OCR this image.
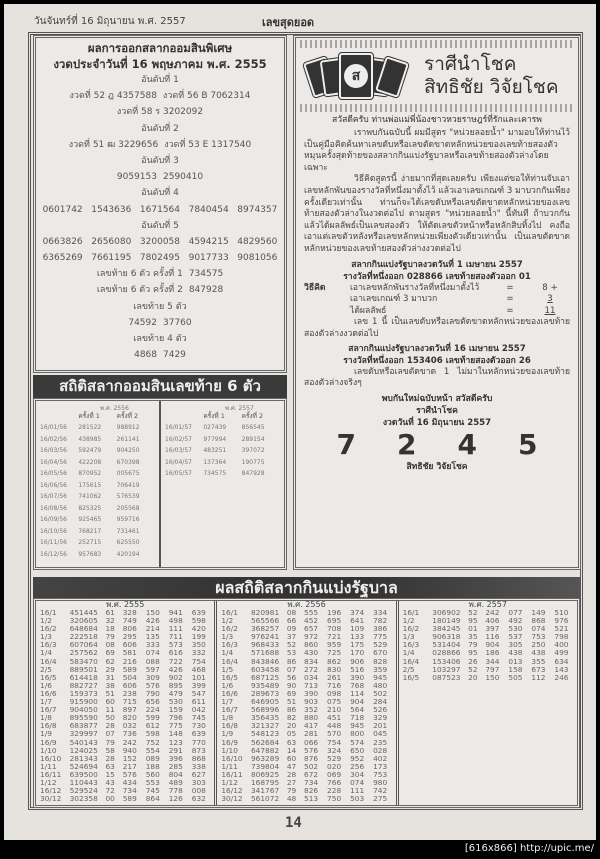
วันจันทร์ที่ 16 มิถุนายน พ.ศ. 2557	เลขสุดยอด
ผลการออกสลากออมสินพิเศษ
งวดประจำวันที่ 16 พฤษภาคม พ.ศ. 2555
อันดับที่ 1
งวดที่ 52 ฎ 4357588 งวดที่ 56 B 7062314
งวดที่ 58 ร 3202092
อันดับที่ 2
งวดที่ 51 ฒ 3229656 งวดที่ 53 E 1317540
อันดับที่ 3
9059153 2590410
อันดับที่ 4
0601742 1543636 1671564 7840454 8974357
อันดับที่ 5
0663826 2656080 3200058 4594215 4829560
6365269 7661195 7802495 9017733 9081056
เลขท้าย 6 ตัว ครั้งที่ 1 734575
เลขท้าย 6 ตัว ครั้งที่ 2 847928
เลขท้าย 5 ตัว
74592 37760
เลขท้าย 4 ตัว
4868 7429
สถิติสลากออมสินเลขท้าย 6 ตัว
พ.ศ. 2556
ครั้งที่ 1	ครั้งที่ 2
16/01/56	281522	988912
16/02/56	438985	261141
16/03/56	592479	904250
16/04/56	422208	670398
16/05/56	870952	005675
16/06/56	175615	706419
16/07/56	741062	576539
16/08/56	825325	205568
16/09/56	925465	959716
16/10/56	768217	731461
16/11/56	252715	625550
16/12/56	957683	420194
พ.ศ. 2557
ครั้งที่ 1	ครั้งที่ 2
16/01/57	027439	856545
16/02/57	977994	289154
16/03/57	483251	397072
16/04/57	137364	190775
16/05/57	734575	847928
ส
ราศีนำโชค
สิทธิชัย วิจัยโชค
สวัสดีครับ ท่านพ่อแม่พี่น้องชาวหวยราษฎร์ที่รักและเคารพ
เราพบกันฉบับนี้ ผมมีสูตร "หน่วยลอยน้ำ" มามอบให้ท่านไว้เป็นคู่มือคิดค้นหาเลขดับหรือเลขตัดขาดหลักหน่วยของเลขท้ายสองตัวหมุนครั้งสุดท้ายของสลากกินแบ่งรัฐบาลหรือเลขท้ายสองตัวล่างโดยเฉพาะ
วิธีคิดสูตรนี้ ง่ายมากที่สุดเลยครับ เพียงแต่ขอให้ท่านจับเอาเลขหลักพันของรางวัลที่หนึ่งมาตั้งไว้ แล้วเอาเลขเกณฑ์ 3 มาบวกกันเพียงครั้งเดียวเท่านั้น ท่านก็จะได้เลขดับหรือเลขตัดขาดหลักหน่วยของเลขท้ายสองตัวล่างในงวดต่อไป ตามสูตร "หน่วยลอยน้ำ" นี้ทันที ถ้าบวกกันแล้วได้ผลลัพธ์เป็นเลขสองตัว ให้ตัดเลขตัวหน้าหรือหลักสิบทิ้งไป คงถือเอาแต่เลขตัวหลังหรือเลขหลักหน่วยเพียงตัวเดียวเท่านั้น เป็นเลขตัดขาดหลักหน่วยของเลขท้ายสองตัวล่างงวดต่อไป
สลากกินแบ่งรัฐบาลงวดวันที่ 1 เมษายน 2557
รางวัลที่หนึ่งออก 028866 เลขท้ายสองตัวออก 01
วิธีคิด	เอาเลขหลักพันรางวัลที่หนึ่งมาตั้งไว้	=	8 +
เอาเลขเกณฑ์ 3 มาบวก	=	3
ได้ผลลัพธ์	=	11
เลข 1 นี้ เป็นเลขดับหรือเลขตัดขาดหลักหน่วยของเลขท้ายสองตัวล่างงวดต่อไป
สลากกินแบ่งรัฐบาลงวดวันที่ 16 เมษายน 2557
รางวัลที่หนึ่งออก 153406 เลขท้ายสองตัวออก 26
เลขดับหรือเลขตัดขาด 1 ไม่มาในหลักหน่วยของเลขท้ายสองตัวล่างจริงๆ
พบกันใหม่ฉบับหน้า สวัสดีครับ
ราศีนำโชค
งวดวันที่ 16 มิถุนายน 2557
7 2 4 5
สิทธิชัย วิจัยโชค
ผลสถิติสลากกินแบ่งรัฐบาล
พ.ศ. 2555
16/1	451445	61	328	150	941	639
1/2	320605	32	749	426	498	598
16/2	648684	18	806	214	111	420
1/3	222518	79	295	135	711	199
16/3	607064	08	606	333	573	350
1/4	257562	69	581	074	616	332
16/4	583470	62	216	088	722	754
2/5	889501	29	589	597	426	468
16/5	614418	31	504	309	902	101
1/6	882727	38	606	576	895	399
16/6	159373	51	238	790	479	547
1/7	915900	60	715	656	530	611
16/7	904050	11	897	224	159	042
1/8	895590	50	820	599	796	745
16/8	683877	28	032	612	775	730
1/9	329997	07	736	598	148	639
16/9	540143	79	242	752	123	770
1/10	124025	58	940	554	291	873
16/10	281343	28	152	089	396	868
1/11	524694	63	217	188	285	338
16/11	639500	15	576	560	804	627
1/12	110443	43	434	553	489	303
16/12	529524	72	734	745	778	008
30/12	302358	00	589	864	126	632
พ.ศ. 2556
16/1	820981	08	555	196	374	334
1/2	565566	66	452	695	641	782
16/2	368257	09	657	708	109	386
1/3	976241	37	972	721	133	775
16/3	968433	52	860	959	175	529
1/4	571688	53	430	725	170	670
16/4	843846	86	834	862	906	828
1/5	603458	07	272	830	516	359
16/5	687125	56	034	261	390	945
1/6	935489	90	713	716	768	480
16/6	289673	69	390	098	114	502
1/7	646905	51	903	075	904	284
16/7	568996	86	352	210	564	526
1/8	356435	82	880	451	718	329
16/8	321327	20	417	448	945	201
1/9	548123	05	281	570	800	045
16/9	562684	63	066	754	574	235
1/10	647882	14	576	324	650	028
16/10	963289	60	876	529	952	402
1/11	739804	47	502	020	256	173
16/11	806925	28	672	069	304	753
1/12	168795	27	734	766	074	980
16/12	341767	79	826	228	111	742
30/12	561072	48	513	750	503	275
พ.ศ. 2557
16/1	306902	52	242	077	149	510
1/2	180149	95	406	492	868	976
16/2	384245	01	397	530	074	521
1/3	906318	35	116	537	753	798
16/3	531404	79	904	305	250	400
1/4	028866	95	186	438	438	499
16/4	153406	26	344	013	355	634
2/5	103297	52	797	158	673	143
16/5	087523	20	150	505	112	246
14
[616x866] http://upic.me/
